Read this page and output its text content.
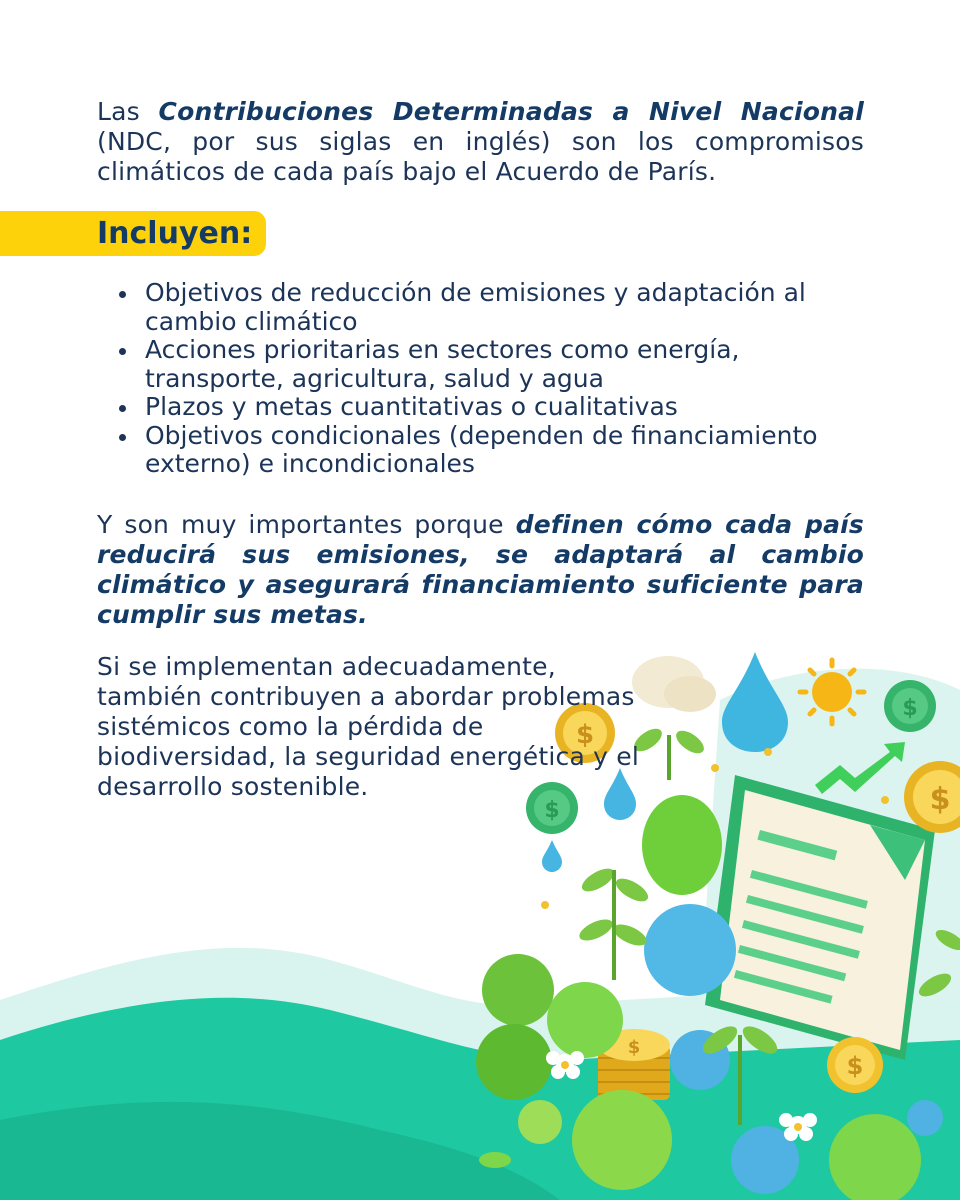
$
$
$
$
$
$

Las Contribuciones Determinadas a Nivel Nacional (NDC, por sus siglas en inglés) son los compromisos climáticos de cada país bajo el Acuerdo de París.

Incluyen:
Objetivos de reducción de emisiones y adaptación al cambio climático
Acciones prioritarias en sectores como energía, transporte, agricultura, salud y agua
Plazos y metas cuantitativas o cualitativas
Objetivos condicionales (dependen de financiamiento externo) e incondicionales

Y son muy importantes porque definen cómo cada país reducirá sus emisiones, se adaptará al cambio climático y asegurará financiamiento suficiente para cumplir sus metas.

Si se implementan adecuadamente, también contribuyen a abordar problemas sistémicos como la pérdida de biodiversidad, la seguridad energética y el desarrollo sostenible.
